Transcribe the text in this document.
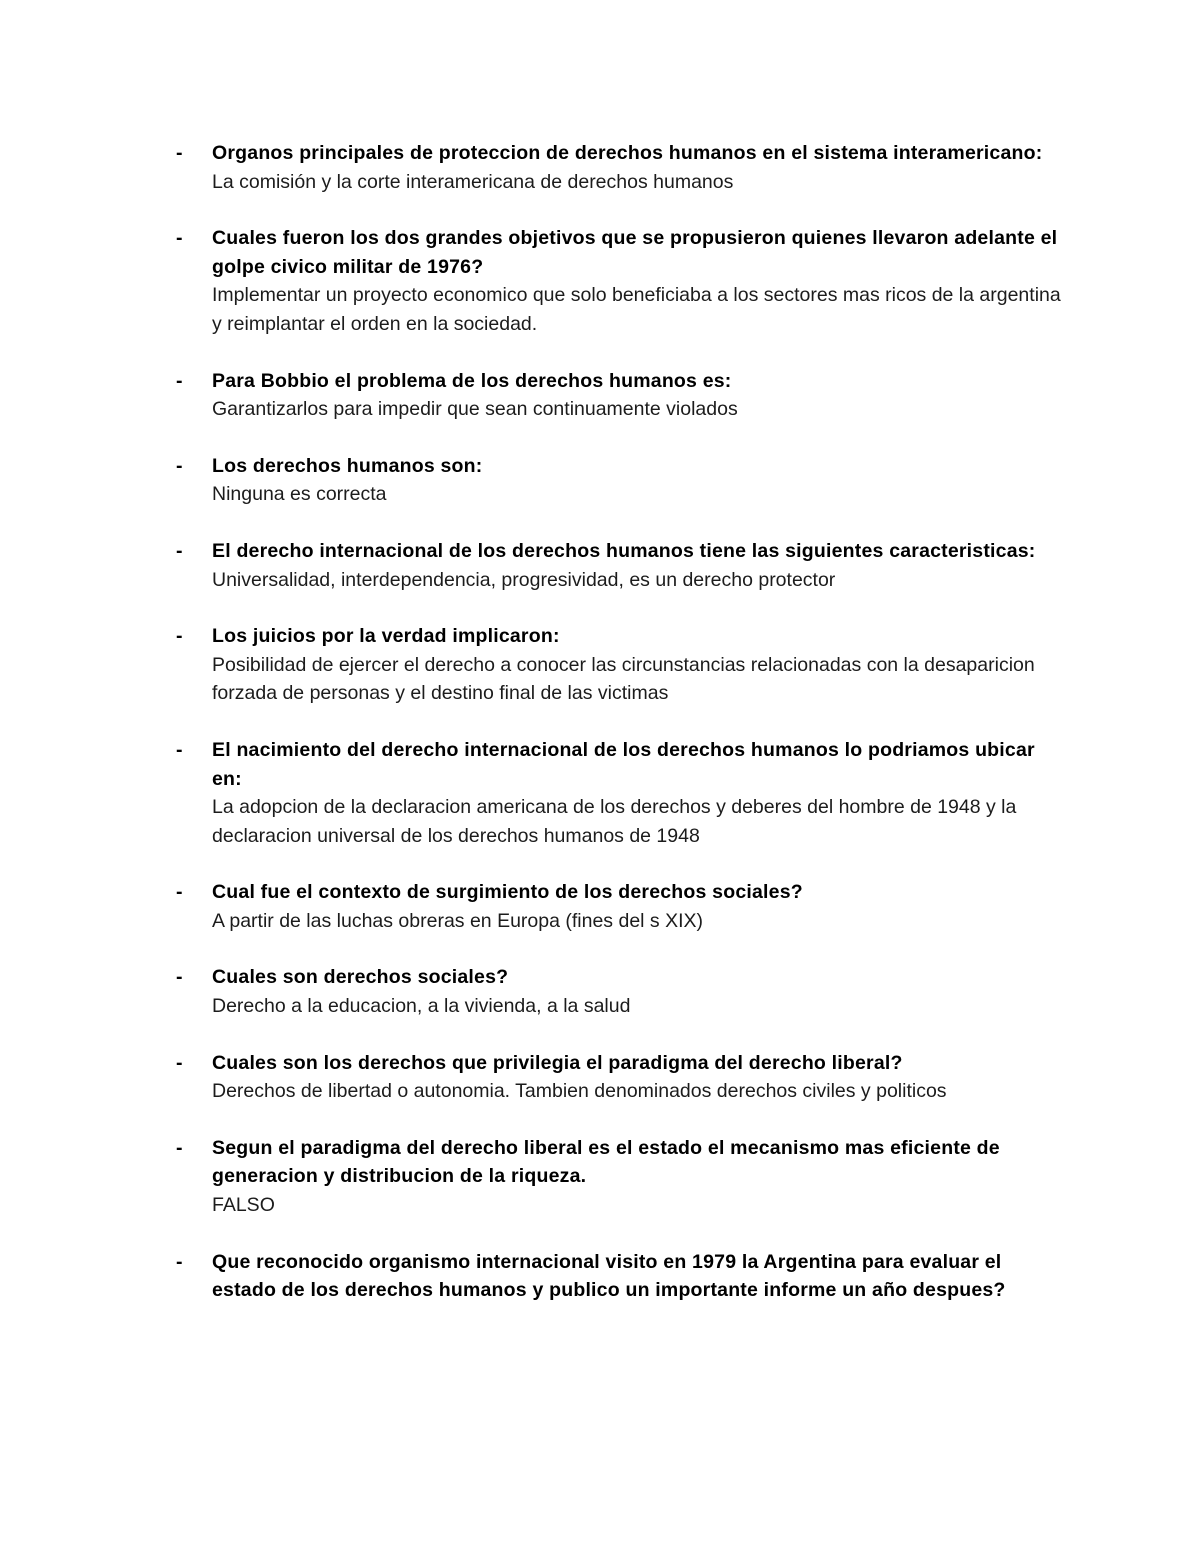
- Organos principales de proteccion de derechos humanos en el sistema interamericano:
La comisión y la corte interamericana de derechos humanos
- Cuales fueron los dos grandes objetivos que se propusieron quienes llevaron adelante el golpe civico militar de 1976?
Implementar un proyecto economico que solo beneficiaba a los sectores mas ricos de la argentina y reimplantar el orden en la sociedad.
- Para Bobbio el problema de los derechos humanos es:
Garantizarlos para impedir que sean continuamente violados
- Los derechos humanos son:
Ninguna es correcta
- El derecho internacional de los derechos humanos tiene las siguientes caracteristicas:
Universalidad, interdependencia, progresividad, es un derecho protector
- Los juicios por la verdad implicaron:
Posibilidad de ejercer el derecho a conocer las circunstancias relacionadas con la desaparicion forzada de personas y el destino final de las victimas
- El nacimiento del derecho internacional de los derechos humanos lo podriamos ubicar en:
La adopcion de la declaracion americana de los derechos y deberes del hombre de 1948 y la declaracion universal de los derechos humanos de 1948
- Cual fue el contexto de surgimiento de los derechos sociales?
A partir de las luchas obreras en Europa (fines del s XIX)
- Cuales son derechos sociales?
Derecho a la educacion, a la vivienda, a la salud
- Cuales son los derechos que privilegia el paradigma del derecho liberal?
Derechos de libertad o autonomia. Tambien denominados derechos civiles y politicos
- Segun el paradigma del derecho liberal es el estado el mecanismo mas eficiente de generacion y distribucion de la riqueza.
FALSO
- Que reconocido organismo internacional visito en 1979 la Argentina para evaluar el estado de los derechos humanos y publico un importante informe un año despues?
